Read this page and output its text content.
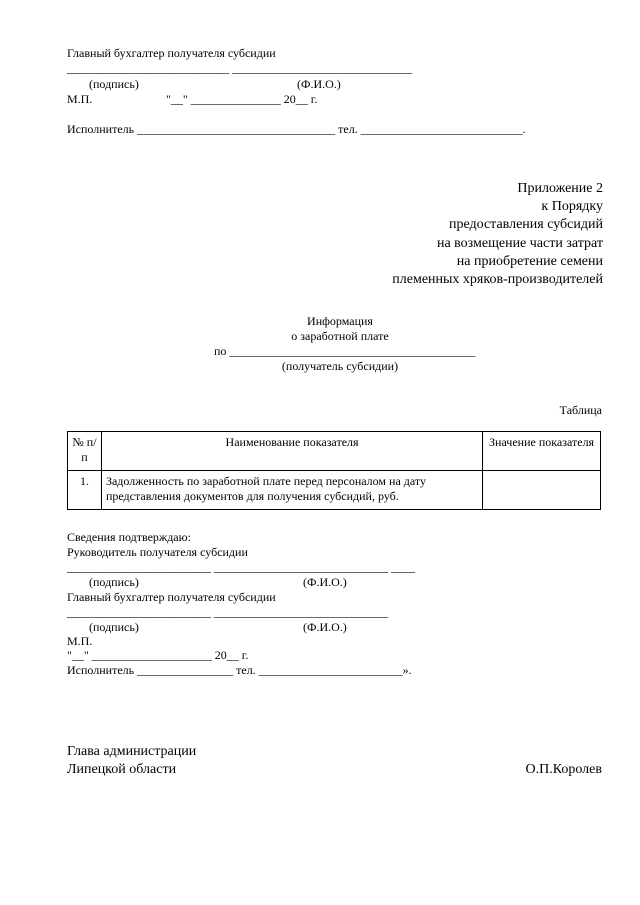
Главный бухгалтер получателя субсидии
___________________________ ______________________________
(подпись)	(Ф.И.О.)
М.П.	"__" _______________ 20__ г.
Исполнитель _________________________________ тел. ___________________________.
Приложение 2
к Порядку
предоставления субсидий
на возмещение части затрат
на приобретение семени
племенных хряков-производителей
Информация
о заработной плате
по _________________________________________
(получатель субсидии)
Таблица
№ п/п	Наименование показателя	Значение показателя
1.	Задолженность по заработной плате перед персоналом на дату представления документов для получения субсидий, руб.	
Сведения подтверждаю:
Руководитель получателя субсидии
________________________ _____________________________ ____
(подпись)	(Ф.И.О.)
Главный бухгалтер получателя субсидии
________________________ _____________________________
(подпись)	(Ф.И.О.)
М.П.
"__" ____________________ 20__ г.
Исполнитель ________________ тел. ________________________».
Глава администрации
Липецкой области	О.П.Королев
